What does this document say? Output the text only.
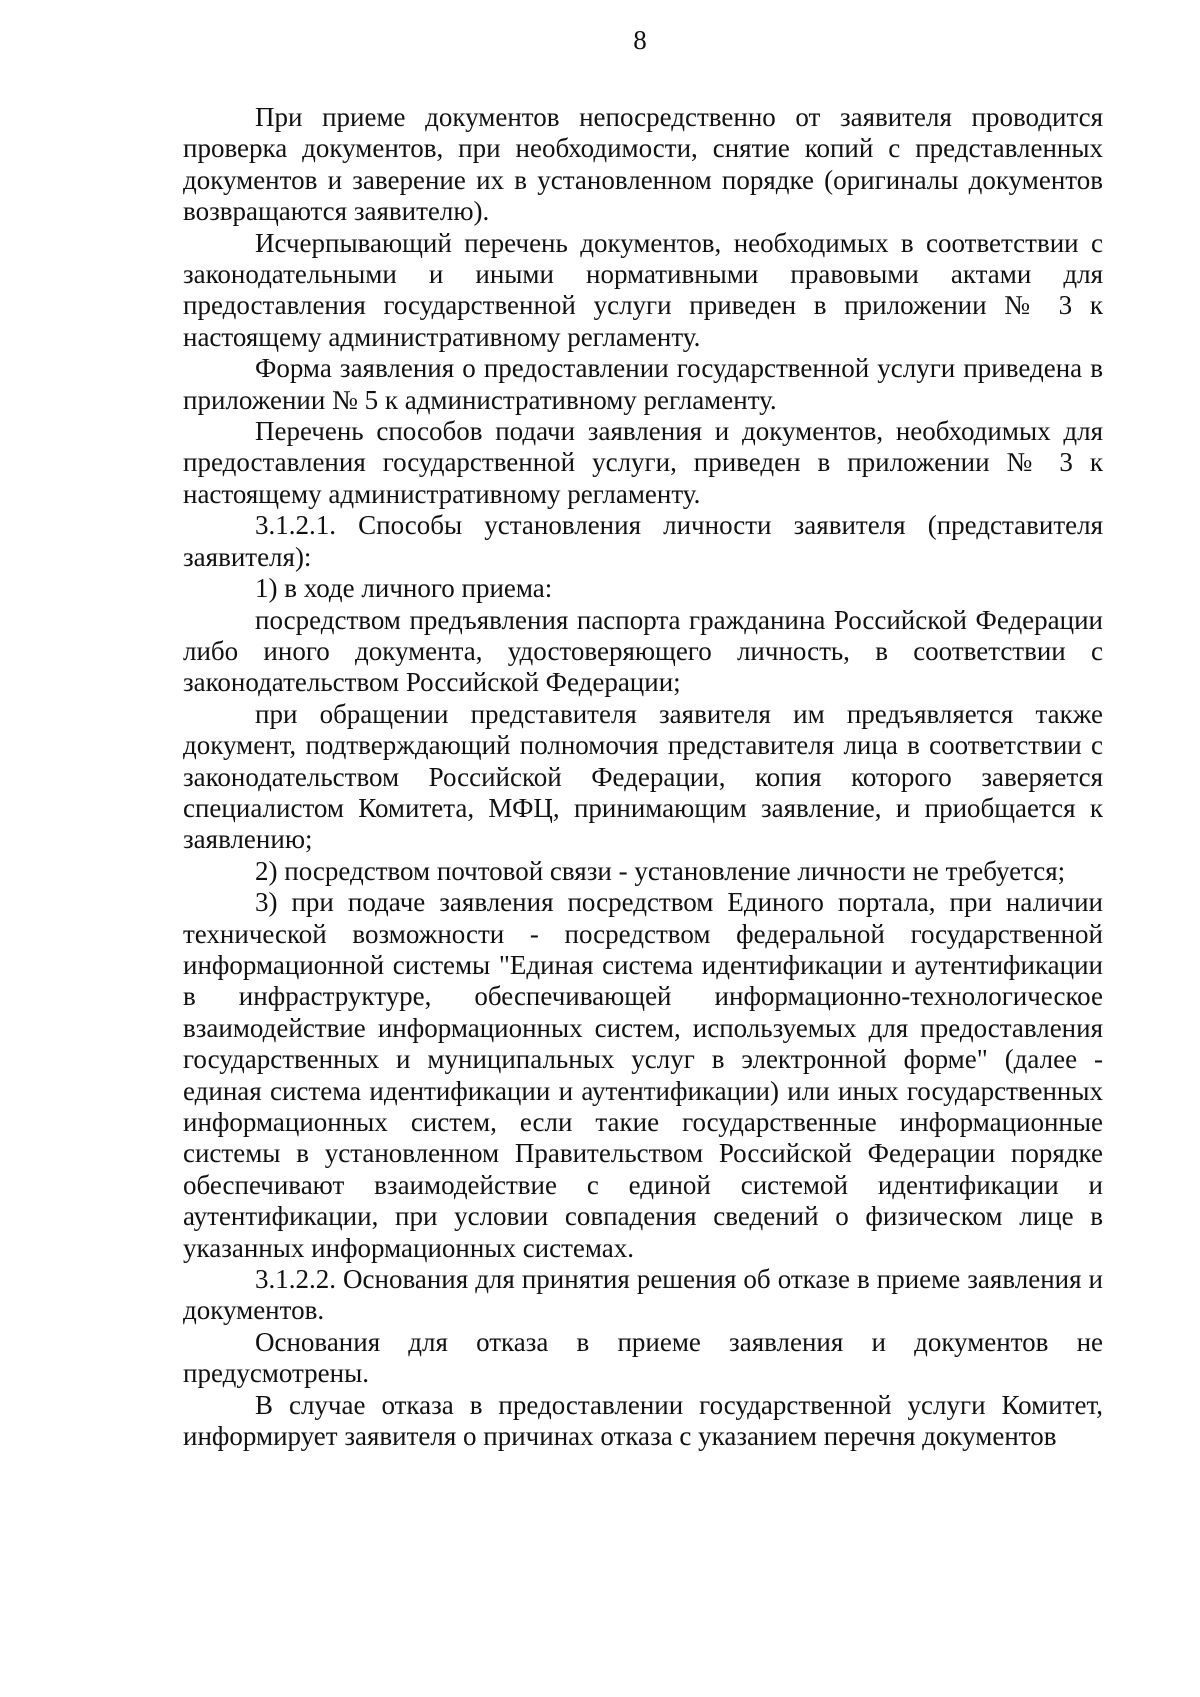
8

При приеме документов непосредственно от заявителя проводится проверка документов, при необходимости, снятие копий с представленных документов и заверение их в установленном порядке (оригиналы документов возвращаются заявителю).

Исчерпывающий перечень документов, необходимых в соответствии с законодательными и иными нормативными правовыми актами для предоставления государственной услуги приведен в приложении № 3 к настоящему административному регламенту.

Форма заявления о предоставлении государственной услуги приведена в приложении № 5 к административному регламенту.

Перечень способов подачи заявления и документов, необходимых для предоставления государственной услуги, приведен в приложении № 3 к настоящему административному регламенту.

3.1.2.1. Способы установления личности заявителя (представителя заявителя):

1) в ходе личного приема:

посредством предъявления паспорта гражданина Российской Федерации либо иного документа, удостоверяющего личность, в соответствии с законодательством Российской Федерации;

при обращении представителя заявителя им предъявляется также документ, подтверждающий полномочия представителя лица в соответствии с законодательством Российской Федерации, копия которого заверяется специалистом Комитета, МФЦ, принимающим заявление, и приобщается к заявлению;

2) посредством почтовой связи - установление личности не требуется;

3) при подаче заявления посредством Единого портала, при наличии технической возможности - посредством федеральной государственной информационной системы "Единая система идентификации и аутентификации в инфраструктуре, обеспечивающей информационно-технологическое взаимодействие информационных систем, используемых для предоставления государственных и муниципальных услуг в электронной форме" (далее - единая система идентификации и аутентификации) или иных государственных информационных систем, если такие государственные информационные системы в установленном Правительством Российской Федерации порядке обеспечивают взаимодействие с единой системой идентификации и аутентификации, при условии совпадения сведений о физическом лице в указанных информационных системах.

3.1.2.2. Основания для принятия решения об отказе в приеме заявления и документов.

Основания для отказа в приеме заявления и документов не предусмотрены.

В случае отказа в предоставлении государственной услуги Комитет, информирует заявителя о причинах отказа с указанием перечня документов
